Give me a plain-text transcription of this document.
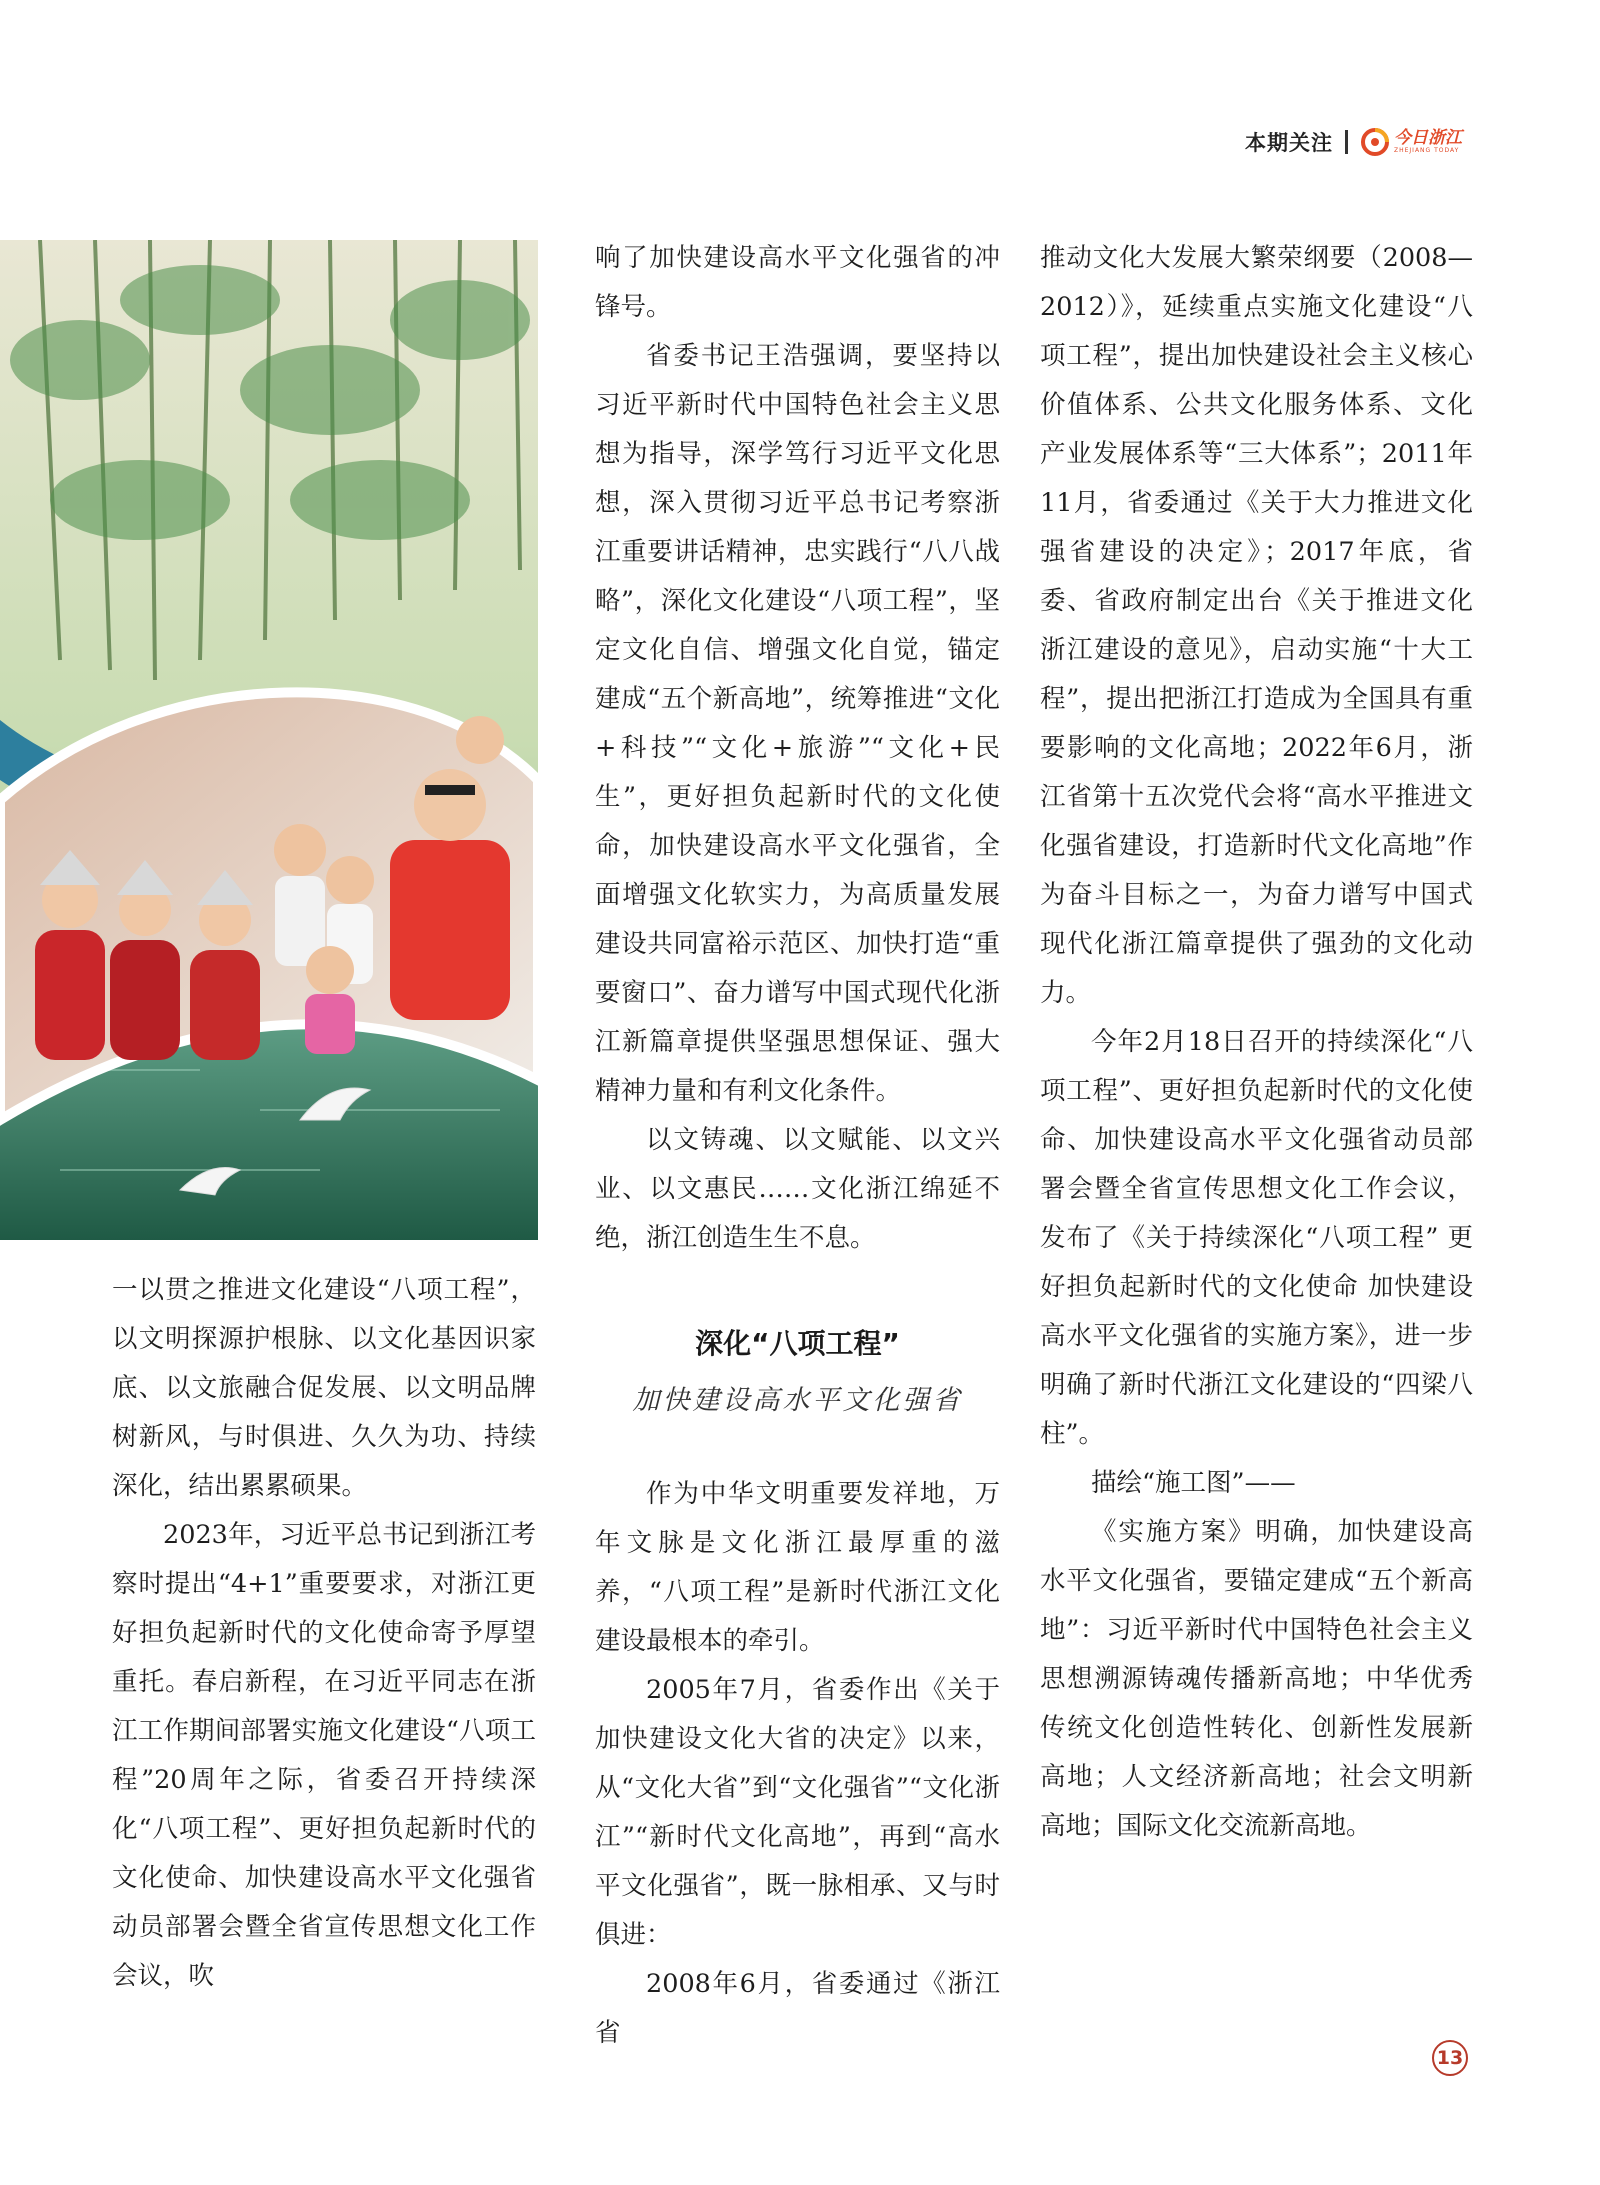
本期关注	今日浙江
ZHEJIANG TODAY

响了加快建设高水平文化强省的冲锋号。

省委书记王浩强调，要坚持以习近平新时代中国特色社会主义思想为指导，深学笃行习近平文化思想，深入贯彻习近平总书记考察浙江重要讲话精神，忠实践行“八八战略”，深化文化建设“八项工程”，坚定文化自信、增强文化自觉，锚定建成“五个新高地”，统筹推进“文化+科技”“文化+旅游”“文化+民生”，更好担负起新时代的文化使命，加快建设高水平文化强省，全面增强文化软实力，为高质量发展建设共同富裕示范区、加快打造“重要窗口”、奋力谱写中国式现代化浙江新篇章提供坚强思想保证、强大精神力量和有利文化条件。

以文铸魂、以文赋能、以文兴业、以文惠民……文化浙江绵延不绝，浙江创造生生不息。

推动文化大发展大繁荣纲要（2008—2012）》，延续重点实施文化建设“八项工程”，提出加快建设社会主义核心价值体系、公共文化服务体系、文化产业发展体系等“三大体系”；2011年11月，省委通过《关于大力推进文化强省建设的决定》；2017年底，省委、省政府制定出台《关于推进文化浙江建设的意见》，启动实施“十大工程”，提出把浙江打造成为全国具有重要影响的文化高地；2022年6月，浙江省第十五次党代会将“高水平推进文化强省建设，打造新时代文化高地”作为奋斗目标之一，为奋力谱写中国式现代化浙江篇章提供了强劲的文化动力。

今年2月18日召开的持续深化“八项工程”、更好担负起新时代的文化使命、加快建设高水平文化强省动员部署会暨全省宣传思想文化工作会议，发布了《关于持续深化“八项工程” 更好担负起新时代的文化使命 加快建设高水平文化强省的实施方案》，进一步明确了新时代浙江文化建设的“四梁八柱”。

描绘“施工图”——

《实施方案》明确，加快建设高水平文化强省，要锚定建成“五个新高地”：习近平新时代中国特色社会主义思想溯源铸魂传播新高地；中华优秀传统文化创造性转化、创新性发展新高地；人文经济新高地；社会文明新高地；国际文化交流新高地。

一以贯之推进文化建设“八项工程”，以文明探源护根脉、以文化基因识家底、以文旅融合促发展、以文明品牌树新风，与时俱进、久久为功、持续深化，结出累累硕果。

2023年，习近平总书记到浙江考察时提出“4+1”重要要求，对浙江更好担负起新时代的文化使命寄予厚望重托。春启新程，在习近平同志在浙江工作期间部署实施文化建设“八项工程”20周年之际，省委召开持续深化“八项工程”、更好担负起新时代的文化使命、加快建设高水平文化强省动员部署会暨全省宣传思想文化工作会议，吹

深化“八项工程”
加快建设高水平文化强省

作为中华文明重要发祥地，万年文脉是文化浙江最厚重的滋养，“八项工程”是新时代浙江文化建设最根本的牵引。

2005年7月，省委作出《关于加快建设文化大省的决定》以来，从“文化大省”到“文化强省”“文化浙江”“新时代文化高地”，再到“高水平文化强省”，既一脉相承、又与时俱进：

2008年6月，省委通过《浙江省

13
